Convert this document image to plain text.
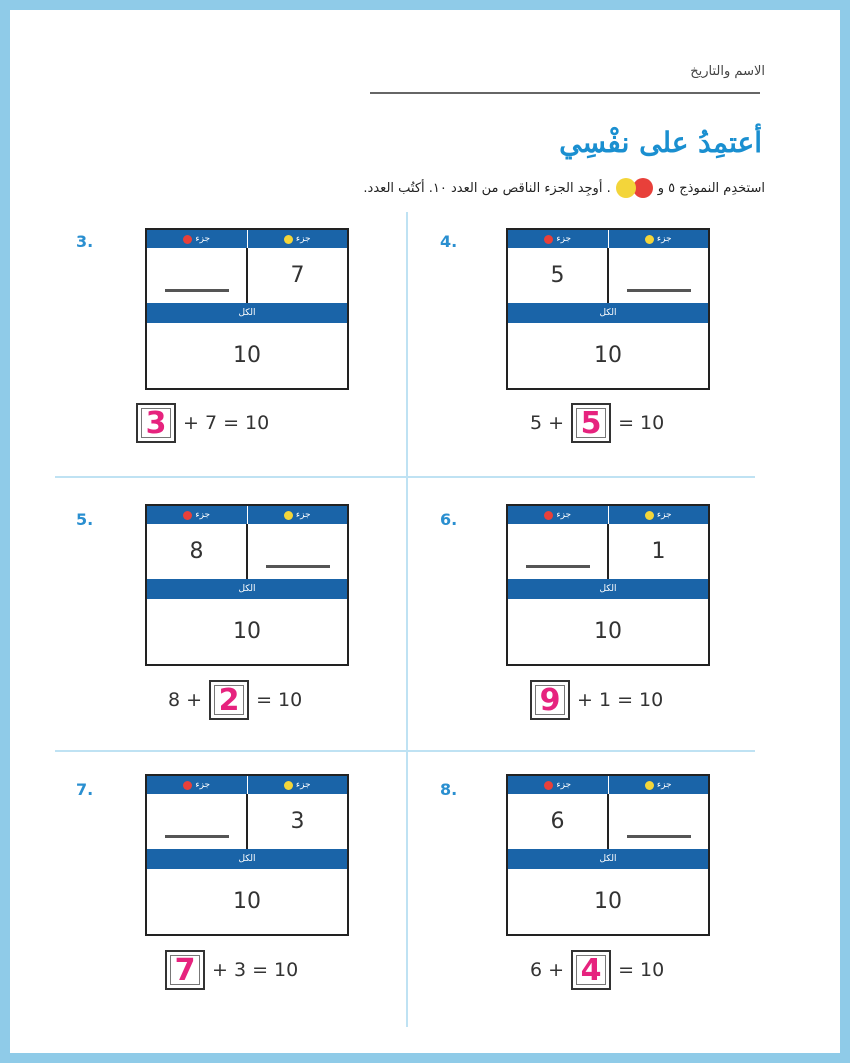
الاسم والتاريخ
أعتمِدُ على نفْسِي
استخدِم النموذج ٥ و
. أوجِد الجزء الناقص من العدد ١٠. أكتُب العدد.
3.	جزء	جزء
7
الكل
10
3 + 7 = 10
4.	جزء	جزء
5
الكل
10
5 + 5 = 10
5.	جزء	جزء
8
الكل
10
8 + 2 = 10
6.	جزء	جزء
1
الكل
10
9 + 1 = 10
7.	جزء	جزء
3
الكل
10
7 + 3 = 10
8.	جزء	جزء
6
الكل
10
6 + 4 = 10
